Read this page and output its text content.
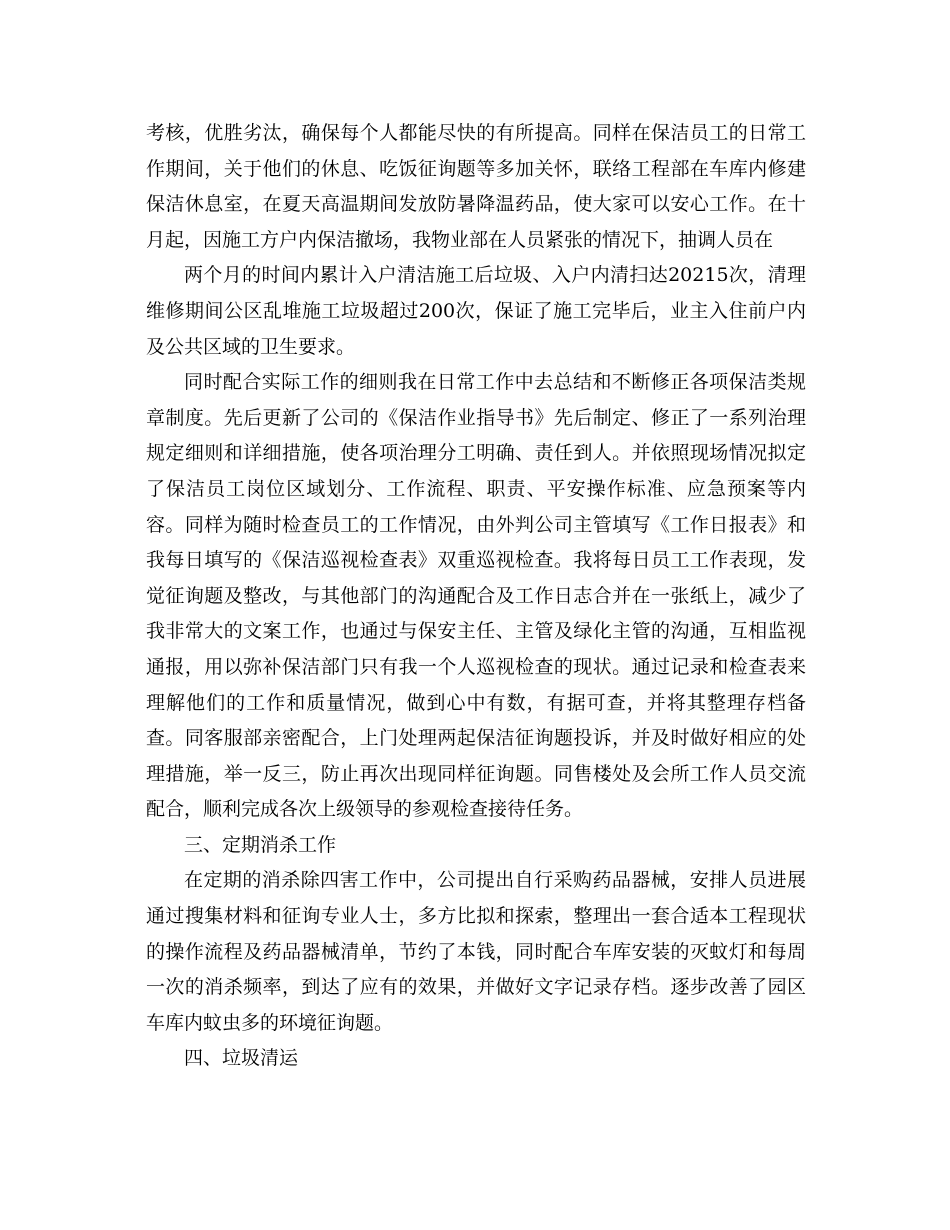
考核，优胜劣汰，确保每个人都能尽快的有所提高。同样在保洁员工的日常工作期间，关于他们的休息、吃饭征询题等多加关怀，联络工程部在车库内修建保洁休息室，在夏天高温期间发放防暑降温药品，使大家可以安心工作。在十月起，因施工方户内保洁撤场，我物业部在人员紧张的情况下，抽调人员在

两个月的时间内累计入户清洁施工后垃圾、入户内清扫达20215次，清理维修期间公区乱堆施工垃圾超过200次，保证了施工完毕后，业主入住前户内及公共区域的卫生要求。

同时配合实际工作的细则我在日常工作中去总结和不断修正各项保洁类规章制度。先后更新了公司的《保洁作业指导书》先后制定、修正了一系列治理规定细则和详细措施，使各项治理分工明确、责任到人。并依照现场情况拟定了保洁员工岗位区域划分、工作流程、职责、平安操作标准、应急预案等内容。同样为随时检查员工的工作情况，由外判公司主管填写《工作日报表》和我每日填写的《保洁巡视检查表》双重巡视检查。我将每日员工工作表现，发觉征询题及整改，与其他部门的沟通配合及工作日志合并在一张纸上，减少了我非常大的文案工作，也通过与保安主任、主管及绿化主管的沟通，互相监视通报，用以弥补保洁部门只有我一个人巡视检查的现状。通过记录和检查表来理解他们的工作和质量情况，做到心中有数，有据可查，并将其整理存档备查。同客服部亲密配合，上门处理两起保洁征询题投诉，并及时做好相应的处理措施，举一反三，防止再次出现同样征询题。同售楼处及会所工作人员交流配合，顺利完成各次上级领导的参观检查接待任务。

三、定期消杀工作

在定期的消杀除四害工作中，公司提出自行采购药品器械，安排人员进展通过搜集材料和征询专业人士，多方比拟和探索，整理出一套合适本工程现状的操作流程及药品器械清单，节约了本钱，同时配合车库安装的灭蚊灯和每周一次的消杀频率，到达了应有的效果，并做好文字记录存档。逐步改善了园区车库内蚊虫多的环境征询题。

四、垃圾清运
